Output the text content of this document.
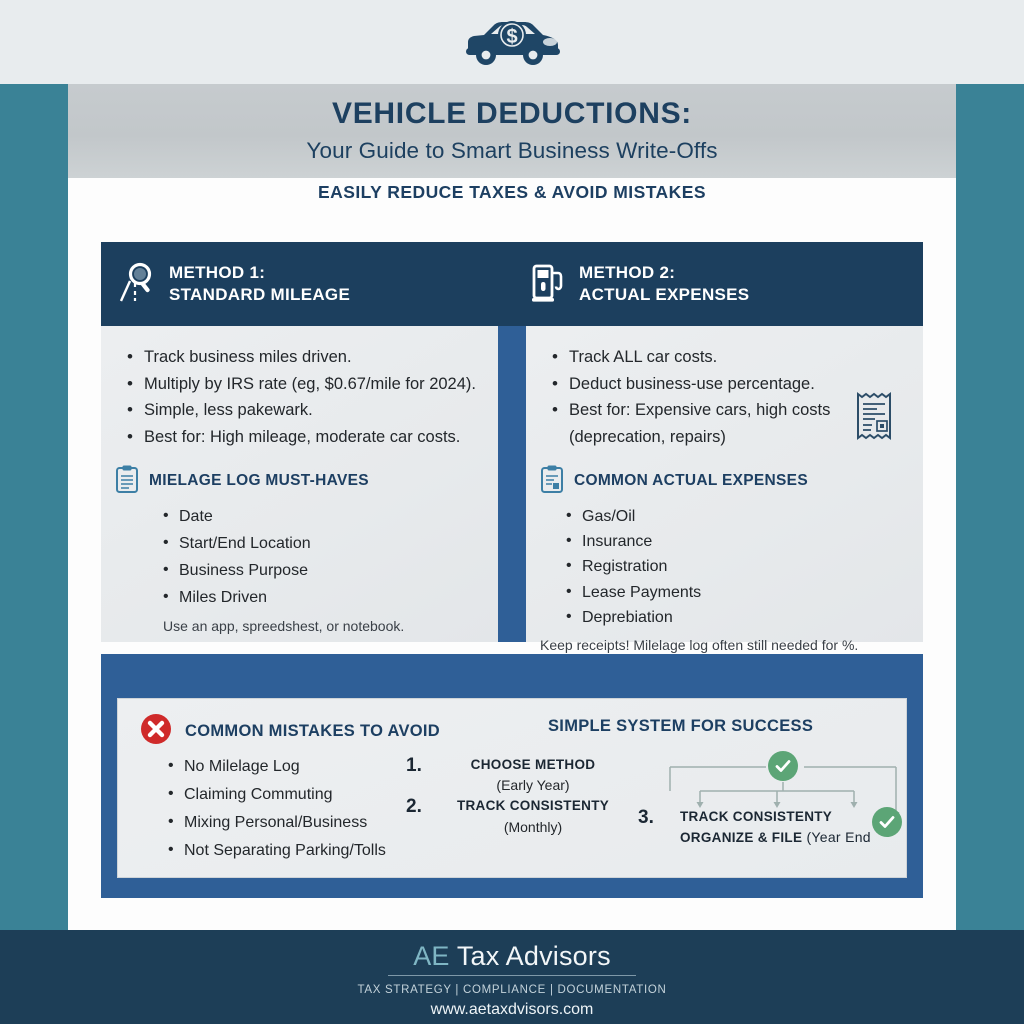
$
VEHICLE DEDUCTIONS:
Your Guide to Smart Business Write-Offs
EASILY REDUCE TAXES & AVOID MISTAKES
METHOD 1:
STANDARD MILEAGE
METHOD 2:
ACTUAL EXPENSES
• Track business miles driven.
• Multiply by IRS rate (eg, $0.67/mile for 2024).
• Simple, less pakewark.
• Best for: High mileage, moderate car costs.
MIELAGE LOG MUST-HAVES
• Date
• Start/End Location
• Business Purpose
• Miles Driven
Use an app, spreedshest, or notebook.
• Track ALL car costs.
• Deduct business-use percentage.
• Best for: Expensive cars, high costs
(deprecation, repairs)
COMMON ACTUAL EXPENSES
• Gas/Oil
• Insurance
• Registration
• Lease Payments
• Deprebiation
Keep receipts! Milelage log often still needed for %.
COMMON MISTAKES TO AVOID	SIMPLE SYSTEM FOR SUCCESS
• No Milelage Log
• Claiming Commuting
• Mixing Personal/Business
• Not Separating Parking/Tolls
1.	CHOOSE METHOD
(Early Year)
2.	TRACK CONSISTENTY
(Monthly)	3.	TRACK CONSISTENTY
ORGANIZE & FILE (Year End
AE Tax Advisors
TAX STRATEGY | COMPLIANCE | DOCUMENTATION
www.aetaxdvisors.com
